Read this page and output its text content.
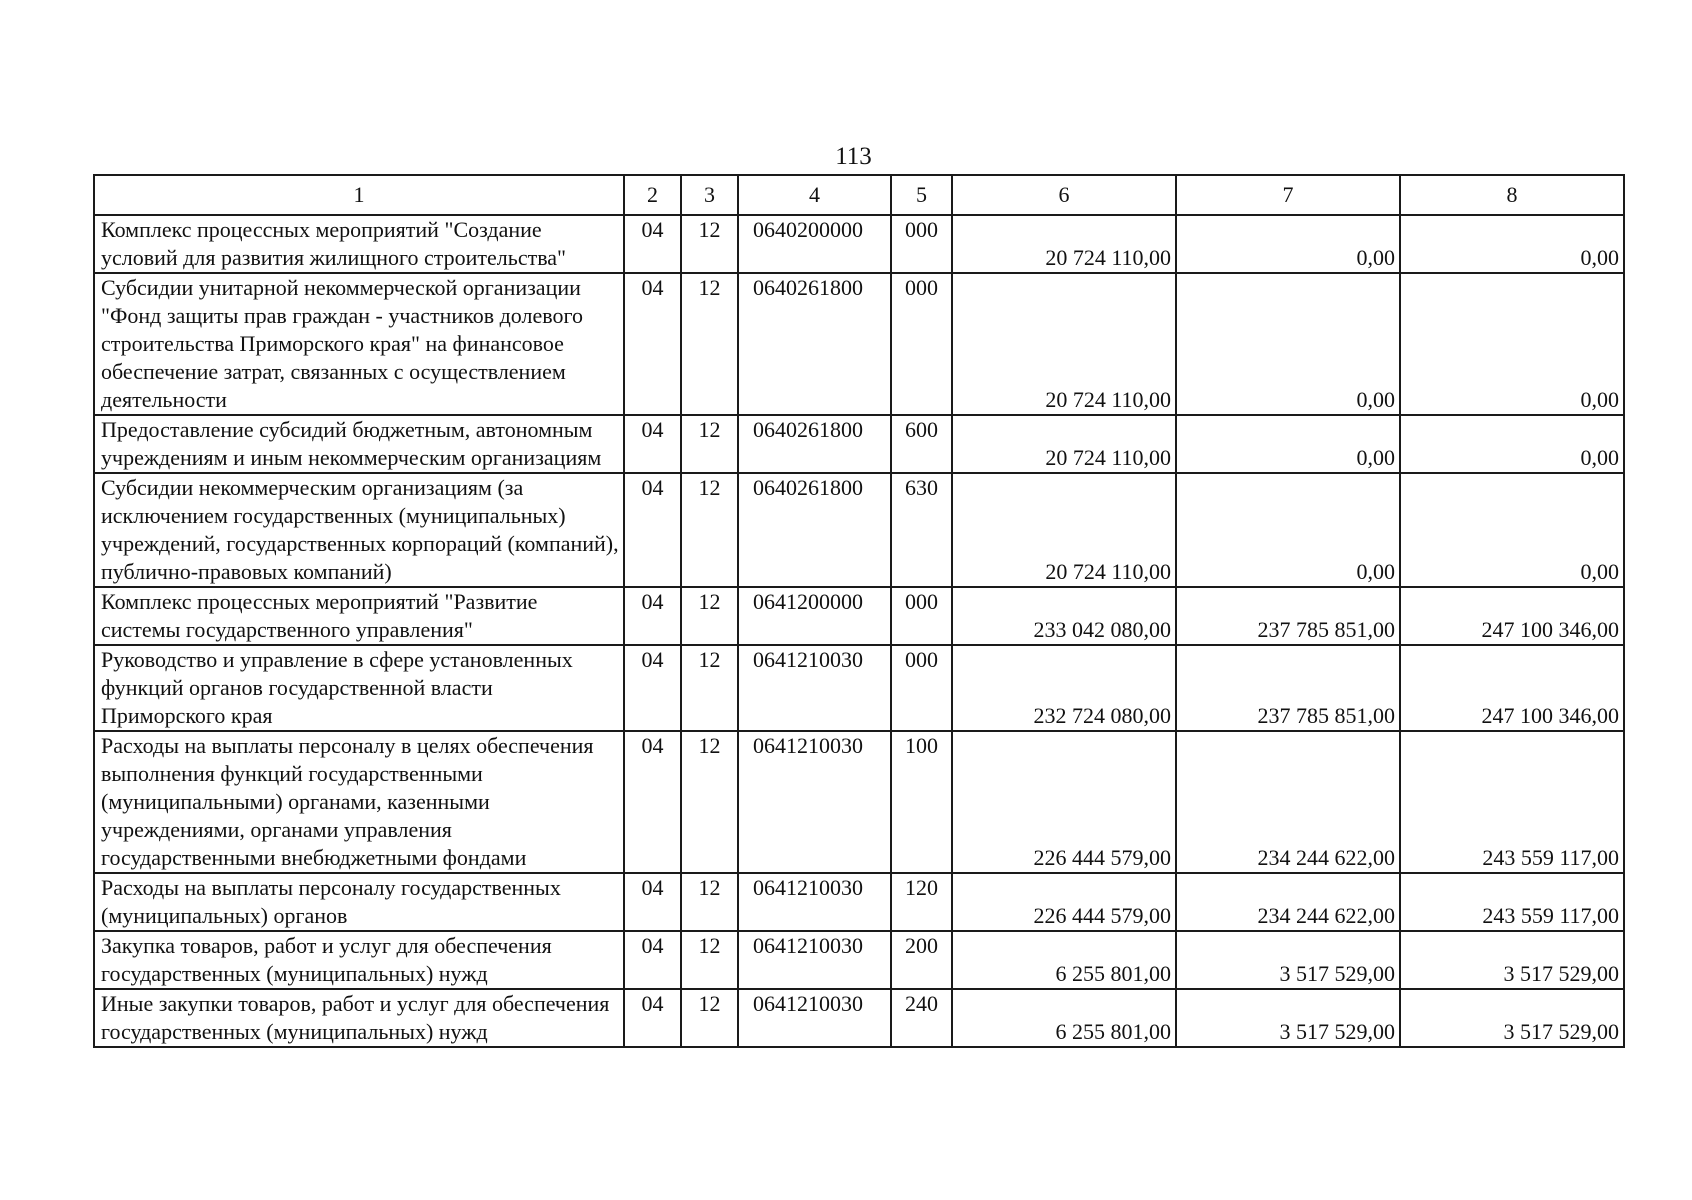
113
1	2	3	4	5	6	7	8
Комплекс процессных мероприятий "Создание условий для развития жилищного строительства"	04	12	0640200000	000	20 724 110,00	0,00	0,00
Субсидии унитарной некоммерческой организации "Фонд защиты прав граждан - участников долевого строительства Приморского края" на финансовое обеспечение затрат, связанных с осуществлением деятельности	04	12	0640261800	000	20 724 110,00	0,00	0,00
Предоставление субсидий бюджетным, автономным учреждениям и иным некоммерческим организациям	04	12	0640261800	600	20 724 110,00	0,00	0,00
Субсидии некоммерческим организациям (за исключением государственных (муниципальных) учреждений, государственных корпораций (компаний), публично-правовых компаний)	04	12	0640261800	630	20 724 110,00	0,00	0,00
Комплекс процессных мероприятий "Развитие системы государственного управления"	04	12	0641200000	000	233 042 080,00	237 785 851,00	247 100 346,00
Руководство и управление в сфере установленных функций органов государственной власти Приморского края	04	12	0641210030	000	232 724 080,00	237 785 851,00	247 100 346,00
Расходы на выплаты персоналу в целях обеспечения выполнения функций государственными (муниципальными) органами, казенными учреждениями, органами управления государственными внебюджетными фондами	04	12	0641210030	100	226 444 579,00	234 244 622,00	243 559 117,00
Расходы на выплаты персоналу государственных (муниципальных) органов	04	12	0641210030	120	226 444 579,00	234 244 622,00	243 559 117,00
Закупка товаров, работ и услуг для обеспечения государственных (муниципальных) нужд	04	12	0641210030	200	6 255 801,00	3 517 529,00	3 517 529,00
Иные закупки товаров, работ и услуг для обеспечения государственных (муниципальных) нужд	04	12	0641210030	240	6 255 801,00	3 517 529,00	3 517 529,00
